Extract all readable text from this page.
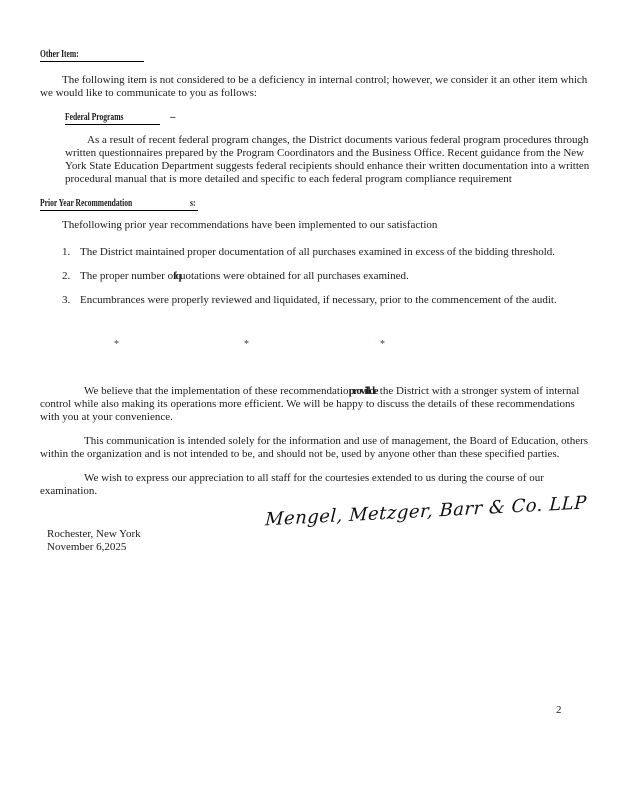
Other Item:

The following item is not considered to be a deficiency in internal control; however, we consider it an other item which we would like to communicate to you as follows:

Federal Programs	–

As a result of recent federal program changes, the District documents various federal program procedures through written questionnaires prepared by the Program Coordinators and the Business Office. Recent guidance from the New York State Education Department suggests federal recipients should enhance their written documentation into a written procedural manual that is more detailed and specific to each federal program compliance requirement

Prior Year Recommendation	s:

Thefollowing prior year recommendations have been implemented to our satisfaction

1. The District maintained proper documentation of all purchases examined in excess of the bidding threshold.
2. The proper number ofquotations were obtained for all purchases examined.
3. Encumbrances were properly reviewed and liquidated, if necessary, prior to the commencement of the audit.
*	*	*

We believe that the implementation of these recommendatioprovillde the District with a stronger system of internal control while also making its operations more efficient. We will be happy to discuss the details of these recommendations with you at your convenience.

This communication is intended solely for the information and use of management, the Board of Education, others within the organization and is not intended to be, and should not be, used by anyone other than these specified parties.

We wish to express our appreciation to all staff for the courtesies extended to us during the course of our examination.

Mengel, Metzger, Barr & Co. LLP
Rochester, New York
November 6,2025
2
